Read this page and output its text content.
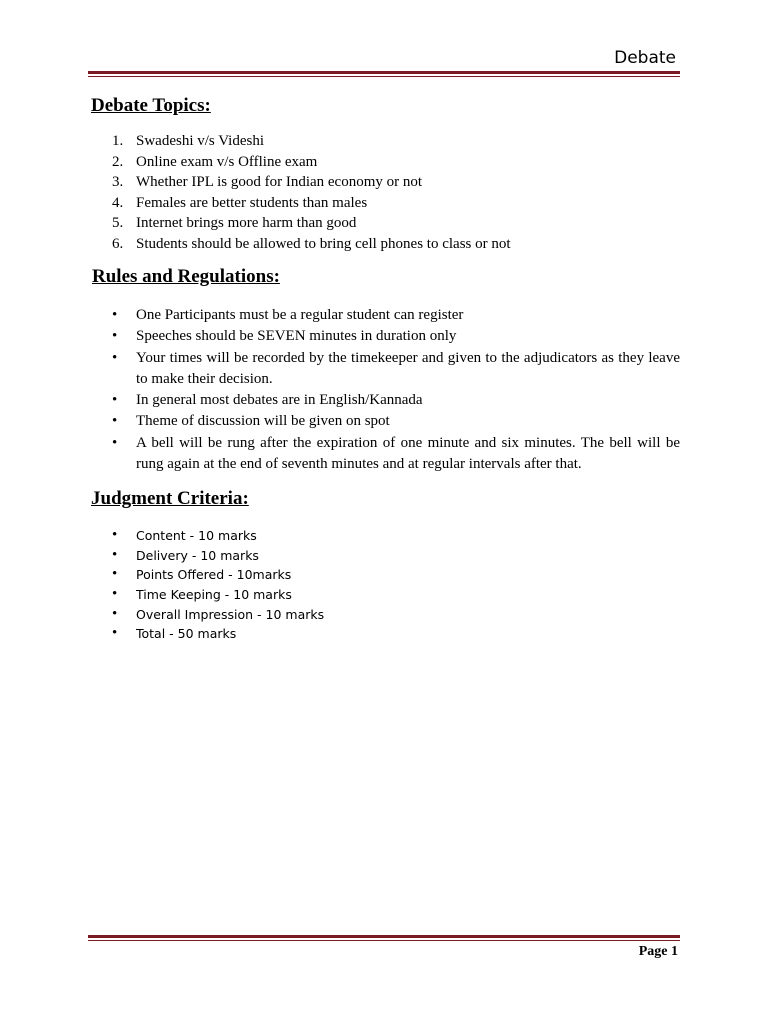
Debate
Debate Topics:
1. Swadeshi v/s Videshi
2. Online exam v/s Offline exam
3. Whether IPL is good for Indian economy or not
4. Females are better students than males
5. Internet brings more harm than good
6. Students should be allowed to bring cell phones to class or not
Rules and Regulations:
• One Participants must be a regular student can register
• Speeches should be SEVEN minutes in duration only
• Your times will be recorded by the timekeeper and given to the adjudicators as they leave to make their decision.
• In general most debates are in English/Kannada
• Theme of discussion will be given on spot
• A bell will be rung after the expiration of one minute and six minutes. The bell will be rung again at the end of seventh minutes and at regular intervals after that.
Judgment Criteria:
• Content - 10 marks
• Delivery - 10 marks
• Points Offered - 10marks
• Time Keeping - 10 marks
• Overall Impression - 10 marks
• Total - 50 marks
Page 1
